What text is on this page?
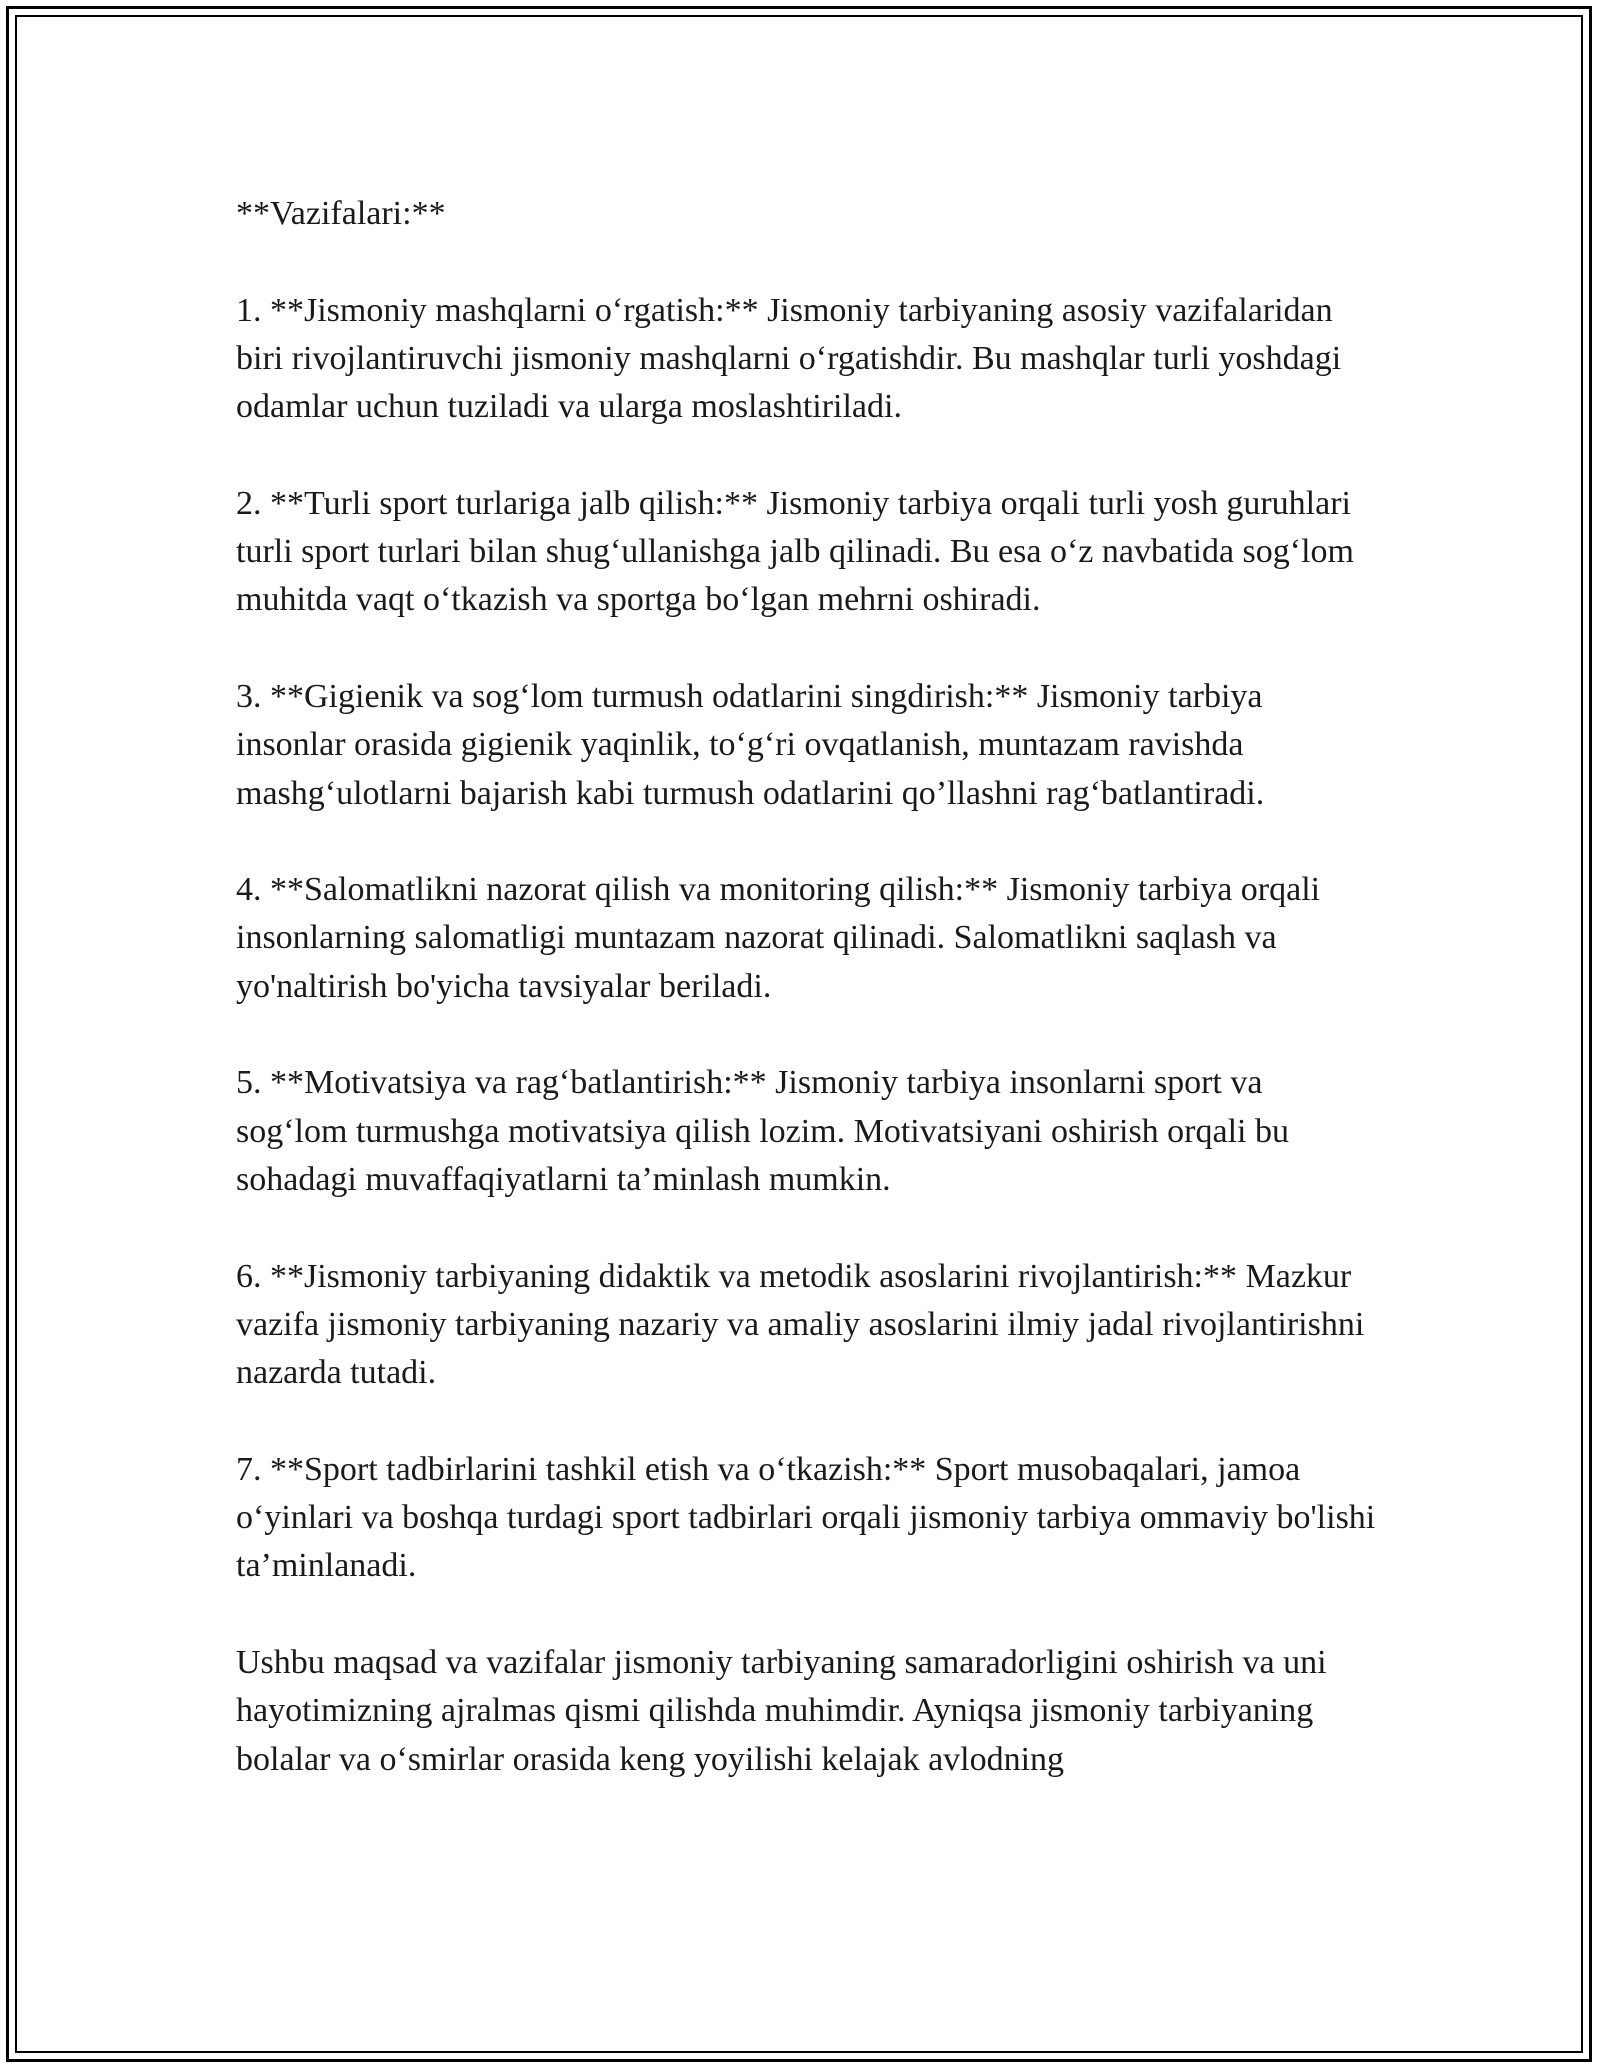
**Vazifalari:**

1. **Jismoniy mashqlarni o‘rgatish:** Jismoniy tarbiyaning asosiy vazifalaridan biri rivojlantiruvchi jismoniy mashqlarni o‘rgatishdir. Bu mashqlar turli yoshdagi odamlar uchun tuziladi va ularga moslashtiriladi.

2. **Turli sport turlariga jalb qilish:** Jismoniy tarbiya orqali turli yosh guruhlari turli sport turlari bilan shug‘ullanishga jalb qilinadi. Bu esa o‘z navbatida sog‘lom muhitda vaqt o‘tkazish va sportga bo‘lgan mehrni oshiradi.

3. **Gigienik va sog‘lom turmush odatlarini singdirish:** Jismoniy tarbiya insonlar orasida gigienik yaqinlik, to‘g‘ri ovqatlanish, muntazam ravishda mashg‘ulotlarni bajarish kabi turmush odatlarini qo’llashni rag‘batlantiradi.

4. **Salomatlikni nazorat qilish va monitoring qilish:** Jismoniy tarbiya orqali insonlarning salomatligi muntazam nazorat qilinadi. Salomatlikni saqlash va yo'naltirish bo'yicha tavsiyalar beriladi.

5. **Motivatsiya va rag‘batlantirish:** Jismoniy tarbiya insonlarni sport va sog‘lom turmushga motivatsiya qilish lozim. Motivatsiyani oshirish orqali bu sohadagi muvaffaqiyatlarni ta’minlash mumkin.

6. **Jismoniy tarbiyaning didaktik va metodik asoslarini rivojlantirish:** Mazkur vazifa jismoniy tarbiyaning nazariy va amaliy asoslarini ilmiy jadal rivojlantirishni nazarda tutadi.

7. **Sport tadbirlarini tashkil etish va o‘tkazish:** Sport musobaqalari, jamoa o‘yinlari va boshqa turdagi sport tadbirlari orqali jismoniy tarbiya ommaviy bo'lishi ta’minlanadi.

Ushbu maqsad va vazifalar jismoniy tarbiyaning samaradorligini oshirish va uni hayotimizning ajralmas qismi qilishda muhimdir. Ayniqsa jismoniy tarbiyaning bolalar va o‘smirlar orasida keng yoyilishi kelajak avlodning
